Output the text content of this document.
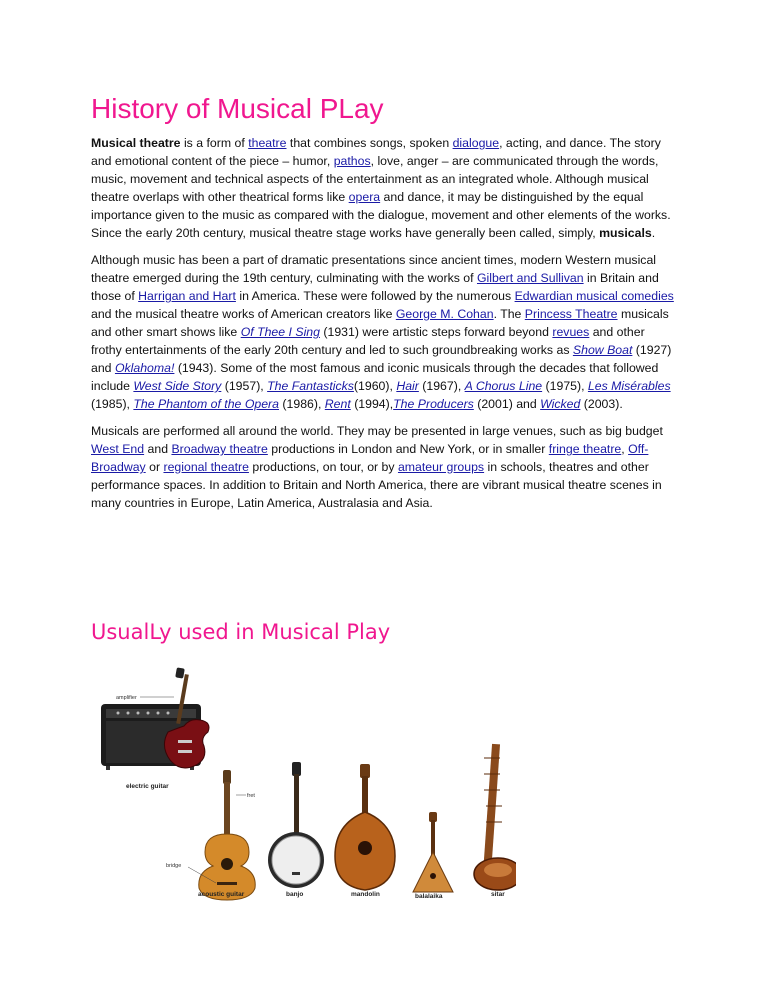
History of Musical PLay

Musical theatre is a form of theatre that combines songs, spoken dialogue, acting, and dance. The story and emotional content of the piece – humor, pathos, love, anger – are communicated through the words, music, movement and technical aspects of the entertainment as an integrated whole. Although musical theatre overlaps with other theatrical forms like opera and dance, it may be distinguished by the equal importance given to the music as compared with the dialogue, movement and other elements of the works. Since the early 20th century, musical theatre stage works have generally been called, simply, musicals.

Although music has been a part of dramatic presentations since ancient times, modern Western musical theatre emerged during the 19th century, culminating with the works of Gilbert and Sullivan in Britain and those of Harrigan and Hart in America. These were followed by the numerous Edwardian musical comedies and the musical theatre works of American creators like George M. Cohan. The Princess Theatre musicals and other smart shows like Of Thee I Sing (1931) were artistic steps forward beyond revues and other frothy entertainments of the early 20th century and led to such groundbreaking works as Show Boat (1927) and Oklahoma! (1943). Some of the most famous and iconic musicals through the decades that followed include West Side Story (1957), The Fantasticks(1960), Hair (1967), A Chorus Line (1975), Les Misérables (1985), The Phantom of the Opera (1986), Rent (1994),The Producers (2001) and Wicked (2003).

Musicals are performed all around the world. They may be presented in large venues, such as big budget West End and Broadway theatre productions in London and New York, or in smaller fringe theatre, Off-Broadway or regional theatre productions, on tour, or by amateur groups in schools, theatres and other performance spaces. In addition to Britain and North America, there are vibrant musical theatre scenes in many countries in Europe, Latin America, Australasia and Asia.

UsualLy used in Musical Play
amplifier
electric guitar
fret
bridge
acoustic guitar	banjo	mandolin	balalaika	sitar
